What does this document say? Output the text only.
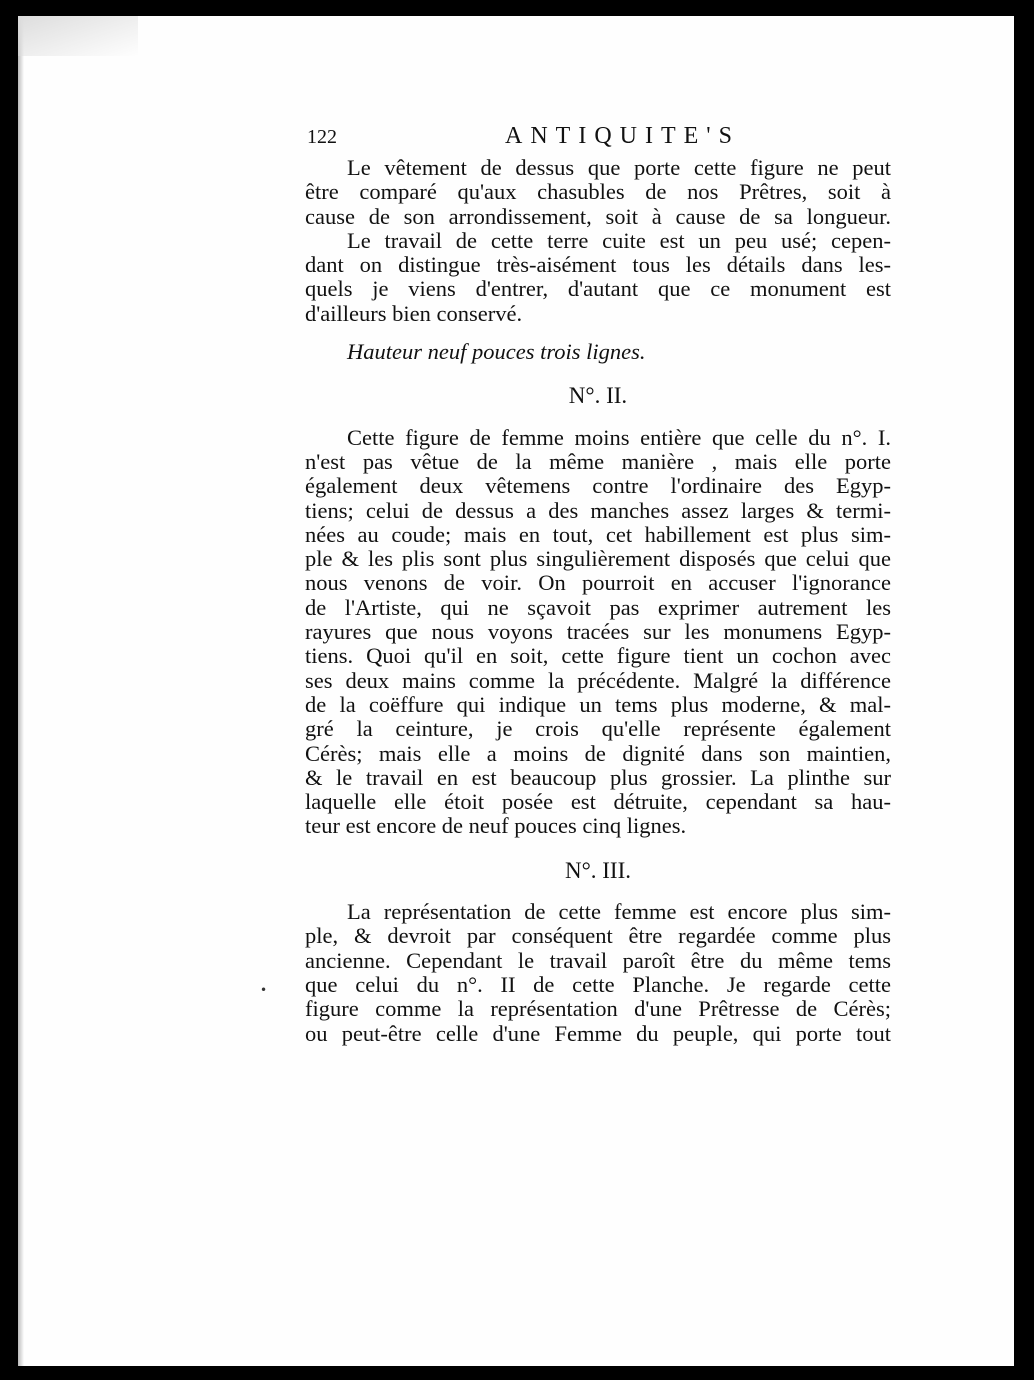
122	ANTIQUITE'S
Le vêtement de dessus que porte cette figure ne peut
être comparé qu'aux chasubles de nos Prêtres, soit à
cause de son arrondissement, soit à cause de sa longueur.
Le travail de cette terre cuite est un peu usé; cepen-
dant on distingue très-aisément tous les détails dans les-
quels je viens d'entrer, d'autant que ce monument est
d'ailleurs bien conservé.

Hauteur neuf pouces trois lignes.

N°. II.
Cette figure de femme moins entière que celle du n°. I.
n'est pas vêtue de la même manière , mais elle porte
également deux vêtemens contre l'ordinaire des Egyp-
tiens; celui de dessus a des manches assez larges & termi-
nées au coude; mais en tout, cet habillement est plus sim-
ple & les plis sont plus singulièrement disposés que celui que
nous venons de voir. On pourroit en accuser l'ignorance
de l'Artiste, qui ne sçavoit pas exprimer autrement les
rayures que nous voyons tracées sur les monumens Egyp-
tiens. Quoi qu'il en soit, cette figure tient un cochon avec
ses deux mains comme la précédente. Malgré la différence
de la coëffure qui indique un tems plus moderne, & mal-
gré la ceinture, je crois qu'elle représente également
Cérès; mais elle a moins de dignité dans son maintien,
& le travail en est beaucoup plus grossier. La plinthe sur
laquelle elle étoit posée est détruite, cependant sa hau-
teur est encore de neuf pouces cinq lignes.
N°. III.
La représentation de cette femme est encore plus sim-
ple, & devroit par conséquent être regardée comme plus
ancienne. Cependant le travail paroît être du même tems
que celui du n°. II de cette Planche. Je regarde cette
figure comme la représentation d'une Prêtresse de Cérès;
ou peut-être celle d'une Femme du peuple, qui porte tout
•
